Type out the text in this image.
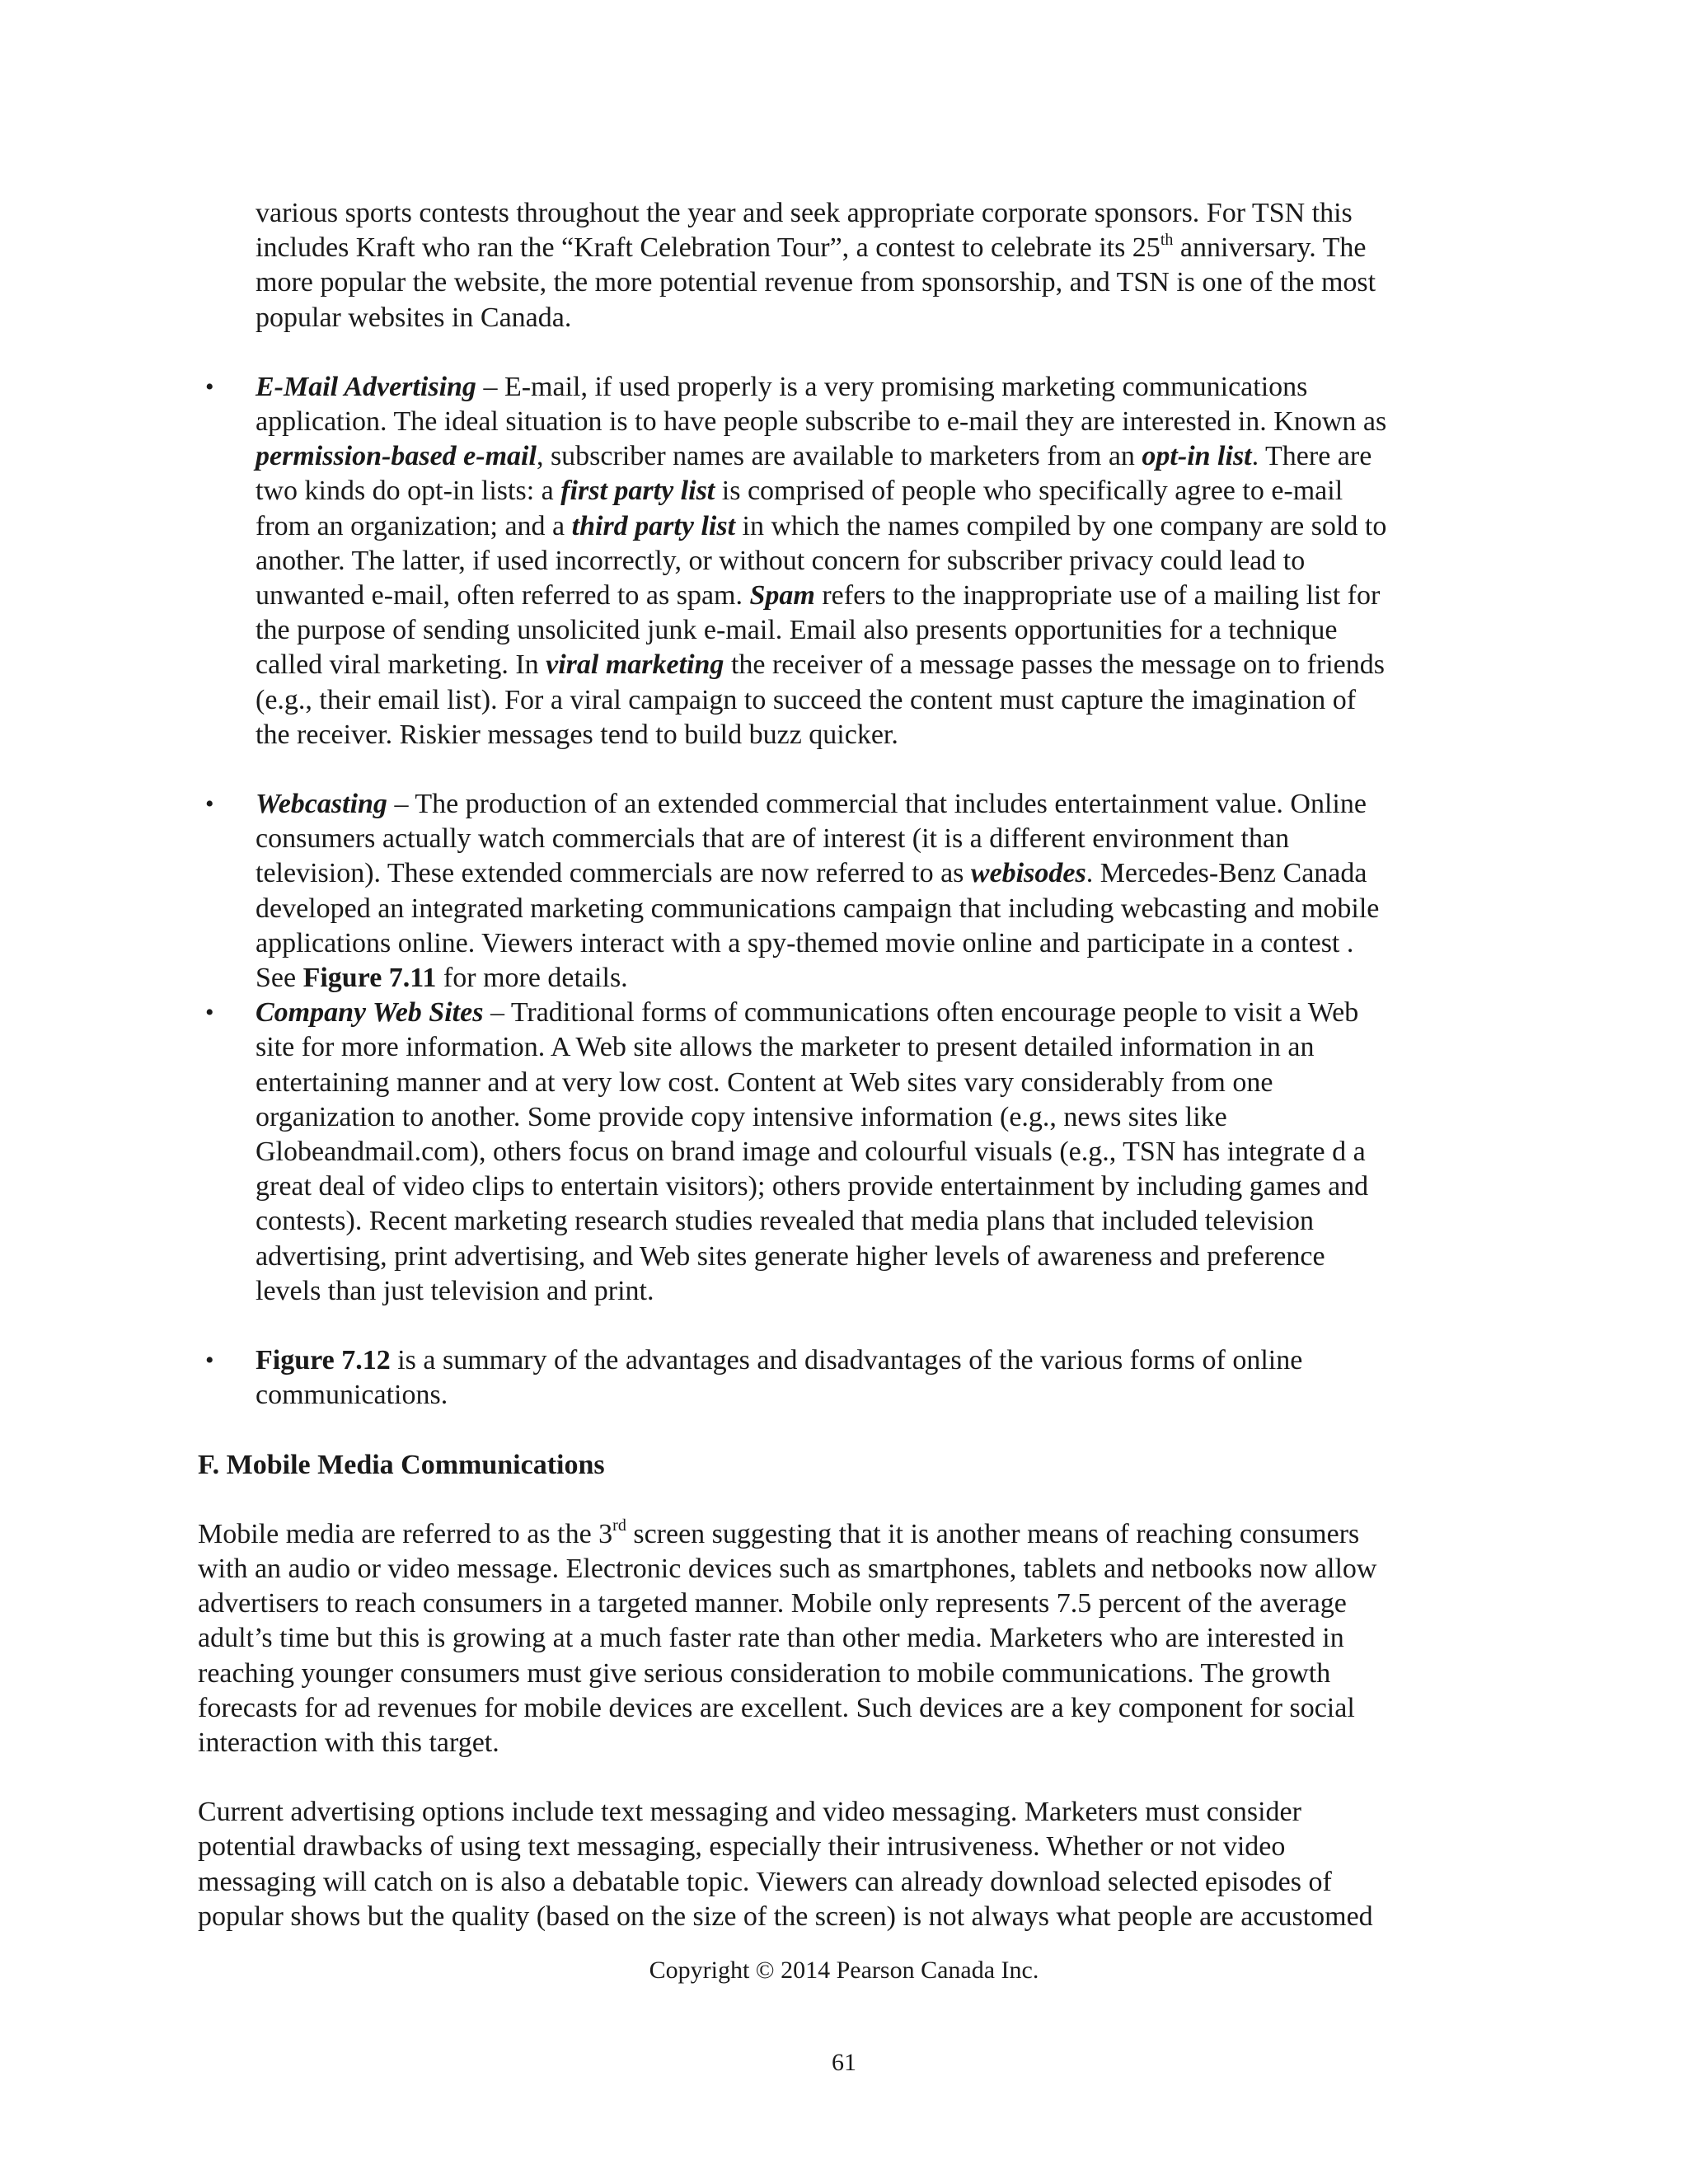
various sports contests throughout the year and seek appropriate corporate sponsors. For TSN this
includes Kraft who ran the “Kraft Celebration Tour”, a contest to celebrate its 25th anniversary. The
more popular the website, the more potential revenue from sponsorship, and TSN is one of the most
popular websites in Canada.
• E-Mail Advertising – E-mail, if used properly is a very promising marketing communications
application. The ideal situation is to have people subscribe to e-mail they are interested in. Known as
permission-based e-mail, subscriber names are available to marketers from an opt-in list. There are
two kinds do opt-in lists: a first party list is comprised of people who specifically agree to e-mail
from an organization; and a third party list in which the names compiled by one company are sold to
another. The latter, if used incorrectly, or without concern for subscriber privacy could lead to
unwanted e-mail, often referred to as spam. Spam refers to the inappropriate use of a mailing list for
the purpose of sending unsolicited junk e-mail. Email also presents opportunities for a technique
called viral marketing. In viral marketing the receiver of a message passes the message on to friends
(e.g., their email list). For a viral campaign to succeed the content must capture the imagination of
the receiver. Riskier messages tend to build buzz quicker.
• Webcasting – The production of an extended commercial that includes entertainment value. Online
consumers actually watch commercials that are of interest (it is a different environment than
television). These extended commercials are now referred to as webisodes. Mercedes-Benz Canada
developed an integrated marketing communications campaign that including webcasting and mobile
applications online. Viewers interact with a spy-themed movie online and participate in a contest .
See Figure 7.11 for more details.
• Company Web Sites – Traditional forms of communications often encourage people to visit a Web
site for more information. A Web site allows the marketer to present detailed information in an
entertaining manner and at very low cost. Content at Web sites vary considerably from one
organization to another. Some provide copy intensive information (e.g., news sites like
Globeandmail.com), others focus on brand image and colourful visuals (e.g., TSN has integrate d a
great deal of video clips to entertain visitors); others provide entertainment by including games and
contests). Recent marketing research studies revealed that media plans that included television
advertising, print advertising, and Web sites generate higher levels of awareness and preference
levels than just television and print.
• Figure 7.12 is a summary of the advantages and disadvantages of the various forms of online
communications.

F. Mobile Media Communications

Mobile media are referred to as the 3rd screen suggesting that it is another means of reaching consumers
with an audio or video message. Electronic devices such as smartphones, tablets and netbooks now allow
advertisers to reach consumers in a targeted manner. Mobile only represents 7.5 percent of the average
adult’s time but this is growing at a much faster rate than other media. Marketers who are interested in
reaching younger consumers must give serious consideration to mobile communications. The growth
forecasts for ad revenues for mobile devices are excellent. Such devices are a key component for social
interaction with this target.
Current advertising options include text messaging and video messaging. Marketers must consider
potential drawbacks of using text messaging, especially their intrusiveness. Whether or not video
messaging will catch on is also a debatable topic. Viewers can already download selected episodes of
popular shows but the quality (based on the size of the screen) is not always what people are accustomed
Copyright © 2014 Pearson Canada Inc.
61
